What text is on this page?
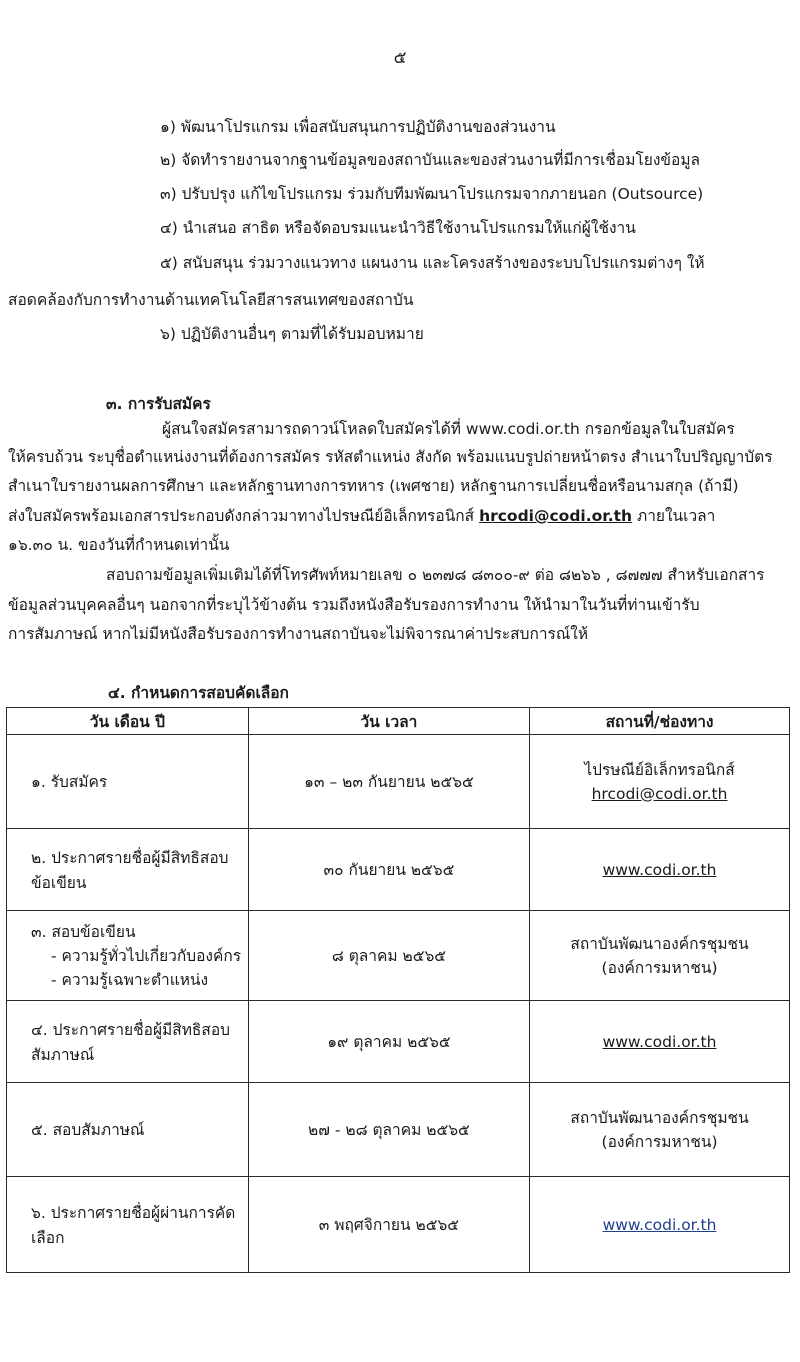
๕
๑) พัฒนาโปรแกรม เพื่อสนับสนุนการปฏิบัติงานของส่วนงาน
๒) จัดทำรายงานจากฐานข้อมูลของสถาบันและของส่วนงานที่มีการเชื่อมโยงข้อมูล
๓) ปรับปรุง แก้ไขโปรแกรม ร่วมกับทีมพัฒนาโปรแกรมจากภายนอก (Outsource)
๔) นำเสนอ สาธิต หรือจัดอบรมแนะนำวิธีใช้งานโปรแกรมให้แก่ผู้ใช้งาน
๕) สนับสนุน ร่วมวางแนวทาง แผนงาน และโครงสร้างของระบบโปรแกรมต่างๆ ให้
สอดคล้องกับการทำงานด้านเทคโนโลยีสารสนเทศของสถาบัน
๖) ปฏิบัติงานอื่นๆ ตามที่ได้รับมอบหมาย
๓. การรับสมัคร
ผู้สนใจสมัครสามารถดาวน์โหลดใบสมัครได้ที่ www.codi.or.th กรอกข้อมูลในใบสมัคร
ให้ครบถ้วน ระบุชื่อตำแหน่งงานที่ต้องการสมัคร รหัสตำแหน่ง สังกัด พร้อมแนบรูปถ่ายหน้าตรง สำเนาใบปริญญาบัตร
สำเนาใบรายงานผลการศึกษา และหลักฐานทางการทหาร (เพศชาย) หลักฐานการเปลี่ยนชื่อหรือนามสกุล (ถ้ามี)
ส่งใบสมัครพร้อมเอกสารประกอบดังกล่าวมาทางไปรษณีย์อิเล็กทรอนิกส์ hrcodi@codi.or.th ภายในเวลา
๑๖.๓๐ น. ของวันที่กำหนดเท่านั้น
สอบถามข้อมูลเพิ่มเติมได้ที่โทรศัพท์หมายเลข ๐ ๒๓๗๘ ๘๓๐๐-๙ ต่อ ๘๒๖๖ , ๘๗๗๗ สำหรับเอกสาร
ข้อมูลส่วนบุคคลอื่นๆ นอกจากที่ระบุไว้ข้างต้น รวมถึงหนังสือรับรองการทำงาน ให้นำมาในวันที่ท่านเข้ารับ
การสัมภาษณ์ หากไม่มีหนังสือรับรองการทำงานสถาบันจะไม่พิจารณาค่าประสบการณ์ให้
๔. กำหนดการสอบคัดเลือก
วัน เดือน ปี	วัน เวลา	สถานที่/ช่องทาง
๑. รับสมัคร	๑๓ – ๒๓ กันยายน ๒๕๖๕	ไปรษณีย์อิเล็กทรอนิกส์
hrcodi@codi.or.th

๒. ประกาศรายชื่อผู้มีสิทธิสอบข้อเขียน	๓๐ กันยายน ๒๕๖๕	www.codi.or.th

๓. สอบข้อเขียน
- ความรู้ทั่วไปเกี่ยวกับองค์กร
- ความรู้เฉพาะตำแหน่ง	๘ ตุลาคม ๒๕๖๕	สถาบันพัฒนาองค์กรชุมชน
(องค์การมหาชน)

๔. ประกาศรายชื่อผู้มีสิทธิสอบสัมภาษณ์	๑๙ ตุลาคม ๒๕๖๕	www.codi.or.th
๕. สอบสัมภาษณ์	๒๗ - ๒๘ ตุลาคม ๒๕๖๕	สถาบันพัฒนาองค์กรชุมชน
(องค์การมหาชน)

๖. ประกาศรายชื่อผู้ผ่านการคัดเลือก	๓ พฤศจิกายน ๒๕๖๕	www.codi.or.th
